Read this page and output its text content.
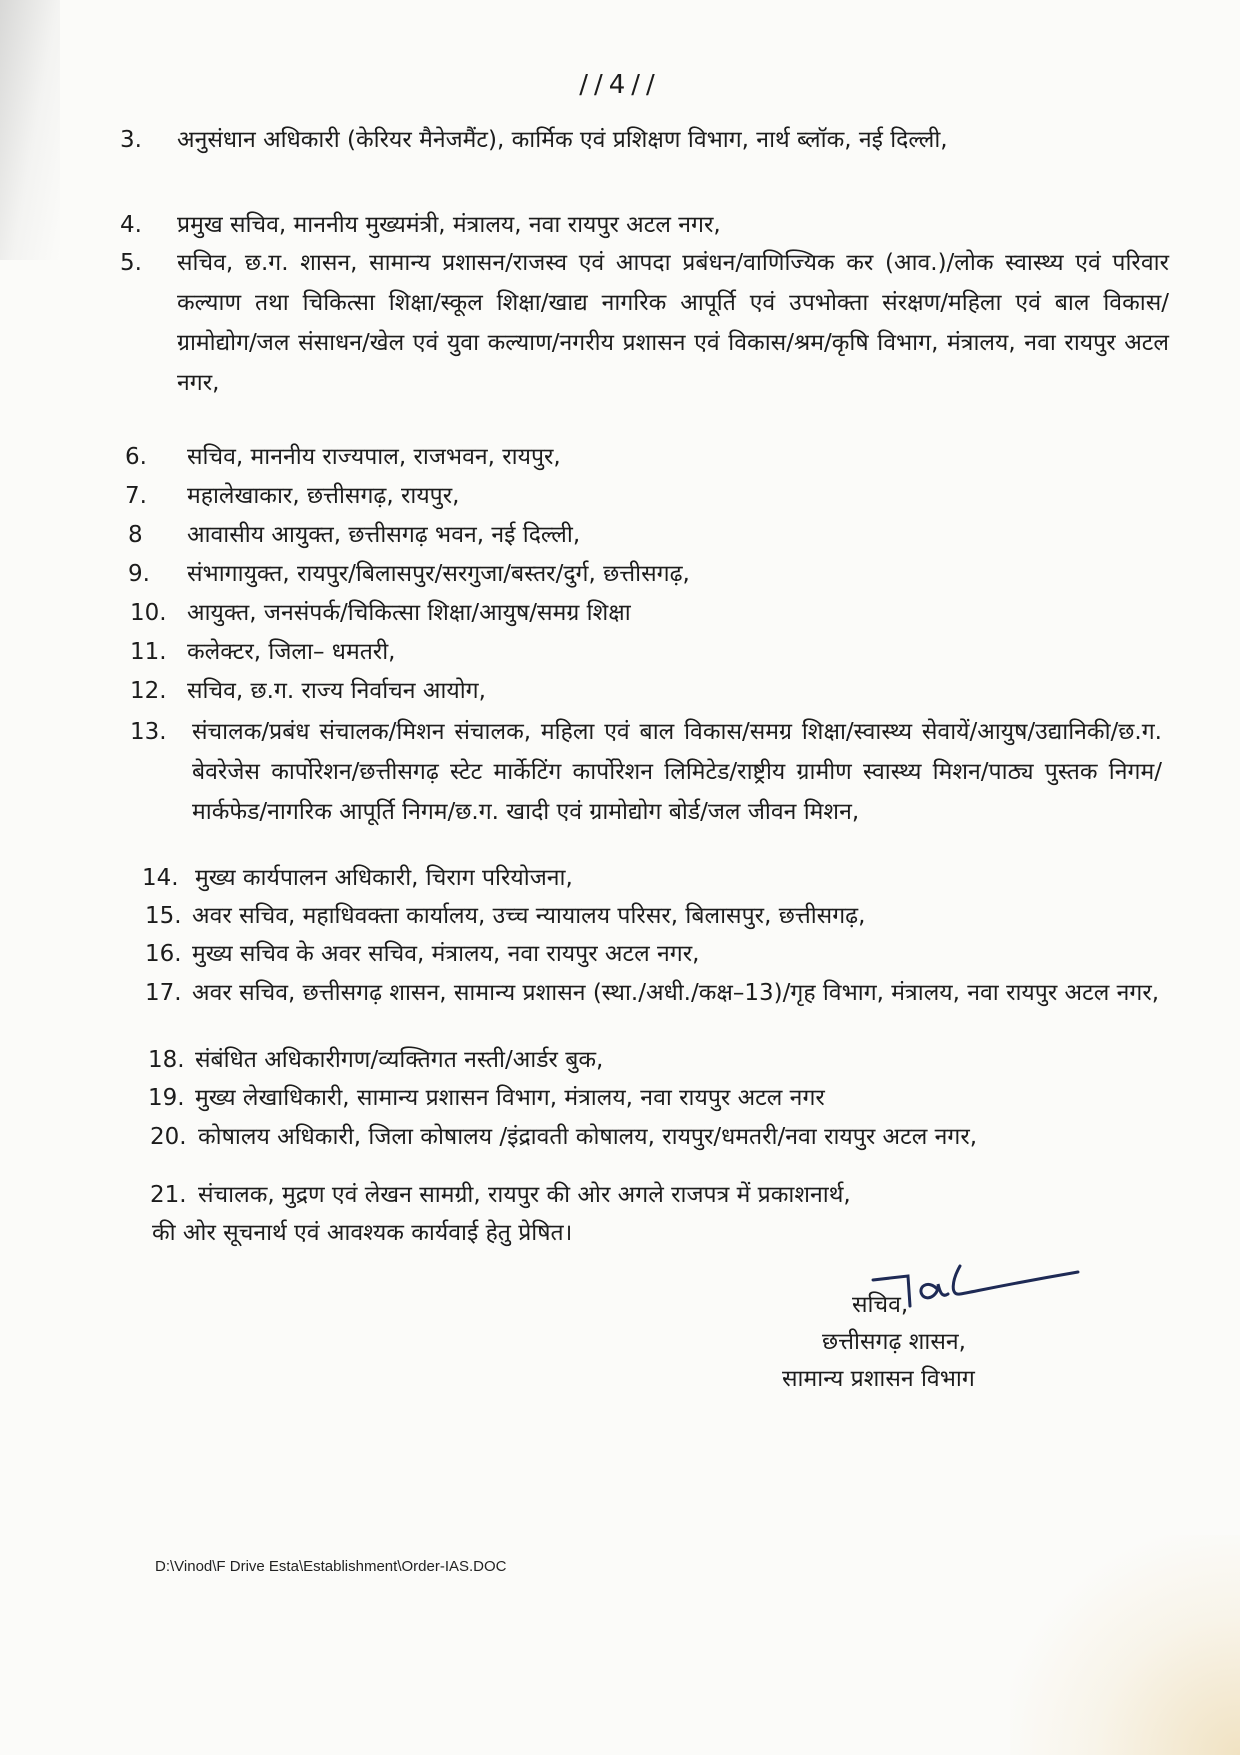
//4//
3.	अनुसंधान अधिकारी (केरियर मैनेजमैंट), कार्मिक एवं प्रशिक्षण विभाग, नार्थ ब्लॉक, नई दिल्ली,
4.	प्रमुख सचिव, माननीय मुख्यमंत्री, मंत्रालय, नवा रायपुर अटल नगर,
5.	सचिव, छ.ग. शासन, सामान्य प्रशासन/राजस्व एवं आपदा प्रबंधन/वाणिज्यिक कर (आव.)/लोक स्वास्थ्य एवं परिवार कल्याण तथा चिकित्सा शिक्षा/स्कूल शिक्षा/खाद्य नागरिक आपूर्ति एवं उपभोक्ता संरक्षण/महिला एवं बाल विकास/ग्रामोद्योग/जल संसाधन/खेल एवं युवा कल्याण/नगरीय प्रशासन एवं विकास/श्रम/कृषि विभाग, मंत्रालय, नवा रायपुर अटल नगर,
6.	सचिव, माननीय राज्यपाल, राजभवन, रायपुर,
7.	महालेखाकार, छत्तीसगढ़, रायपुर,
8	आवासीय आयुक्त, छत्तीसगढ़ भवन, नई दिल्ली,
9.	संभागायुक्त, रायपुर/बिलासपुर/सरगुजा/बस्तर/दुर्ग, छत्तीसगढ़,
10. आयुक्त, जनसंपर्क/चिकित्सा शिक्षा/आयुष/समग्र शिक्षा
11. कलेक्टर, जिला– धमतरी,
12. सचिव, छ.ग. राज्य निर्वाचन आयोग,
13.	संचालक/प्रबंध संचालक/मिशन संचालक, महिला एवं बाल विकास/समग्र शिक्षा/स्वास्थ्य सेवायें/आयुष/उद्यानिकी/छ.ग. बेवरेजेस कार्पोरेशन/छत्तीसगढ़ स्टेट मार्केटिंग कार्पोरेशन लिमिटेड/राष्ट्रीय ग्रामीण स्वास्थ्य मिशन/पाठ्य पुस्तक निगम/मार्कफेड/नागरिक आपूर्ति निगम/छ.ग. खादी एवं ग्रामोद्योग बोर्ड/जल जीवन मिशन,
14. मुख्य कार्यपालन अधिकारी, चिराग परियोजना,
15. अवर सचिव, महाधिवक्ता कार्यालय, उच्च न्यायालय परिसर, बिलासपुर, छत्तीसगढ़,
16. मुख्य सचिव के अवर सचिव, मंत्रालय, नवा रायपुर अटल नगर,
17. अवर सचिव, छत्तीसगढ़ शासन, सामान्य प्रशासन (स्था./अधी./कक्ष–13)/गृह विभाग, मंत्रालय, नवा रायपुर अटल नगर,
18. संबंधित अधिकारीगण/व्यक्तिगत नस्ती/आर्डर बुक,
19. मुख्य लेखाधिकारी, सामान्य प्रशासन विभाग, मंत्रालय, नवा रायपुर अटल नगर
20. कोषालय अधिकारी, जिला कोषालय /इंद्रावती कोषालय, रायपुर/धमतरी/नवा रायपुर अटल नगर,
21. संचालक, मुद्रण एवं लेखन सामग्री, रायपुर की ओर अगले राजपत्र में प्रकाशनार्थ,
की ओर सूचनार्थ एवं आवश्यक कार्यवाई हेतु प्रेषित।
सचिव,
छत्तीसगढ़ शासन,
सामान्य प्रशासन विभाग
D:\Vinod\F Drive Esta\Establishment\Order-IAS.DOC
